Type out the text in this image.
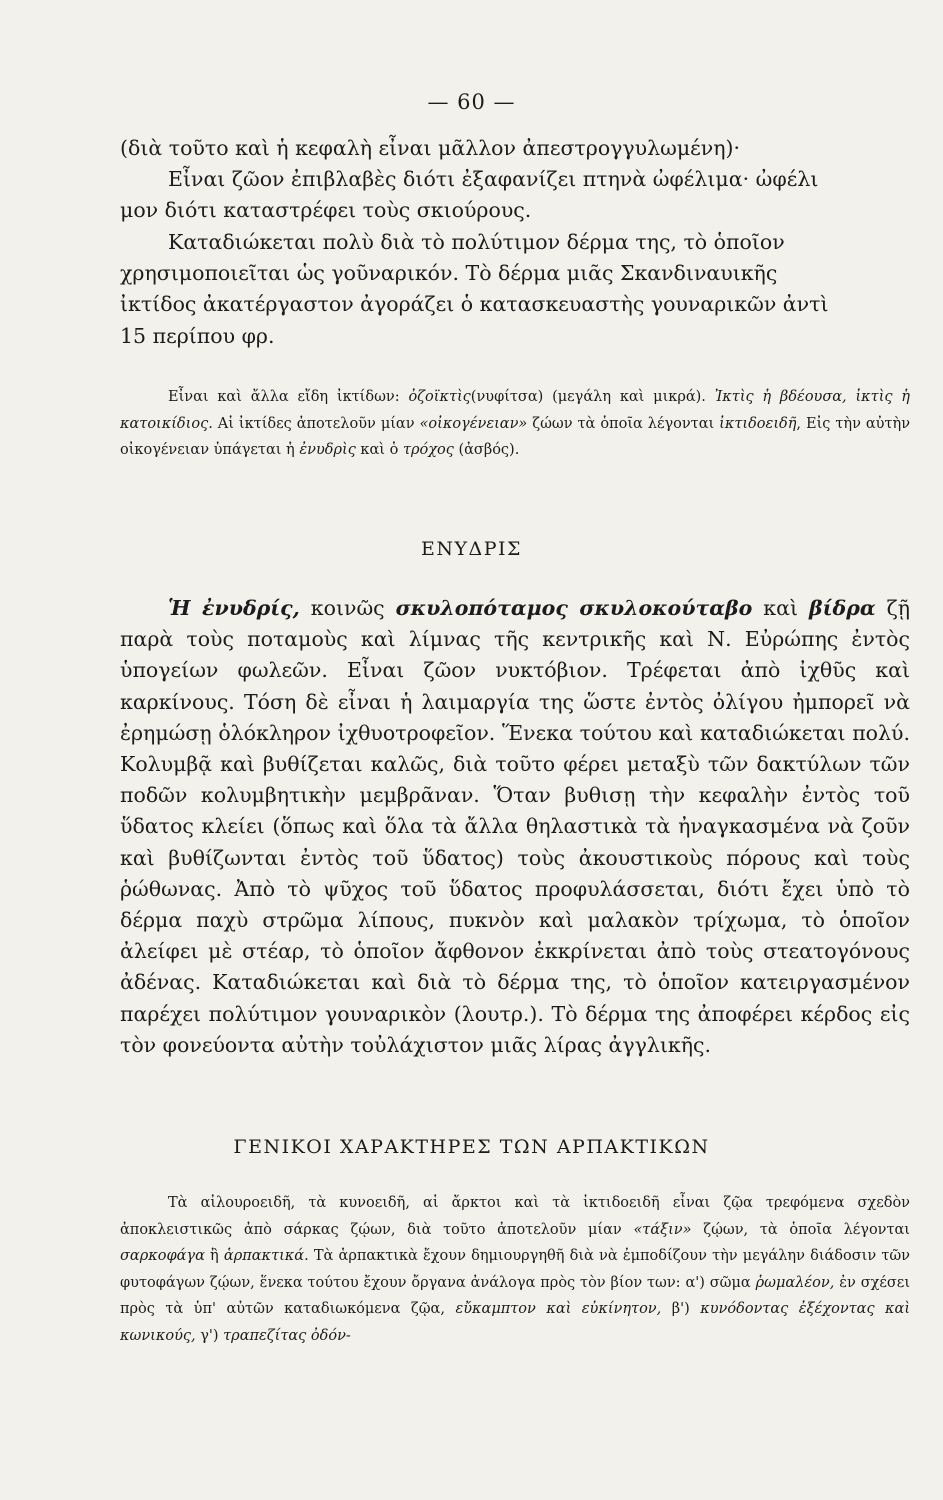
— 60 —

(διὰ τοῦτο καὶ ἡ κεφαλὴ εἶναι μᾶλλον ἀπεστρογγυλωμένη)·

Εἶναι ζῶον ἐπιβλαβὲς διότι ἐξαφανίζει πτηνὰ ὠφέλιμα· ὠφέλι

μον διότι καταστρέφει τοὺς σκιούρους.

Καταδιώκεται πολὺ διὰ τὸ πολύτιμον δέρμα της, τὸ ὁποῖον

χρησιμοποιεῖται ὡς γοῦναρικόν. Τὸ δέρμα μιᾶς Σκανδιναυικῆς

ἰκτίδος ἀκατέργαστον ἀγοράζει ὁ κατασκευαστὴς γουναρικῶν ἀντὶ

15 περίπου φρ.

Εἶναι καὶ ἄλλα εἴδη ἰκτίδων: ὀζοϊκτὶς(νυφίτσα) (μεγάλη καὶ μικρά). Ἰκτὶς ἡ βδέουσα, ἰκτὶς ἡ κατοικίδιος. Αἱ ἰκτίδες ἀποτελοῦν μίαν «οἰκογένειαν» ζώων τὰ ὁποῖα λέγονται ἰκτιδοειδῆ, Εἰς τὴν αὐτὴν οἰκογένειαν ὑπάγεται ἡ ἐνυδρὶς καὶ ὁ τρόχος (ἀσβός).

ΕΝΥΔΡΙΣ

Ἡ ἐνυδρίς, κοινῶς σκυλοπόταμος σκυλοκούταβο καὶ βίδρα ζῇ παρὰ τοὺς ποταμοὺς καὶ λίμνας τῆς κεντρικῆς καὶ Ν. Εὐρώπης ἐντὸς ὑπογείων φωλεῶν. Εἶναι ζῶον νυκτόβιον. Τρέφεται ἀπὸ ἰχθῦς καὶ καρκίνους. Τόση δὲ εἶναι ἡ λαιμαργία της ὥστε ἐντὸς ὀλίγου ἠμπορεῖ νὰ ἐρημώσῃ ὁλόκληρον ἰχθυοτροφεῖον. Ἕνεκα τούτου καὶ καταδιώκεται πολύ. Κολυμβᾷ καὶ βυθίζεται καλῶς, διὰ τοῦτο φέρει μεταξὺ τῶν δακτύλων τῶν ποδῶν κολυμβητικὴν μεμβρᾶναν. Ὅταν βυθισῃ τὴν κεφαλὴν ἐντὸς τοῦ ὕδατος κλείει (ὅπως καὶ ὅλα τὰ ἄλλα θηλαστικὰ τὰ ἠναγκασμένα νὰ ζοῦν καὶ βυθίζωνται ἐντὸς τοῦ ὕδατος) τοὺς ἀκουστικοὺς πόρους καὶ τοὺς ῥώθωνας. Ἀπὸ τὸ ψῦχος τοῦ ὕδατος προφυλάσσεται, διότι ἔχει ὑπὸ τὸ δέρμα παχὺ στρῶμα λίπους, πυκνὸν καὶ μαλακὸν τρίχωμα, τὸ ὁποῖον ἀλείφει μὲ στέαρ, τὸ ὁποῖον ἄφθονον ἐκκρίνεται ἀπὸ τοὺς στεατογόνους ἀδένας. Καταδιώκεται καὶ διὰ τὸ δέρμα της, τὸ ὁποῖον κατειργασμένον παρέχει πολύτιμον γουναρικὸν (λουτρ.). Τὸ δέρμα της ἀποφέρει κέρδος εἰς τὸν φονεύοντα αὐτὴν τοὐλάχιστον μιᾶς λίρας ἀγγλικῆς.

ΓΕΝΙΚΟΙ ΧΑΡΑΚΤΗΡΕΣ ΤΩΝ ΑΡΠΑΚΤΙΚΩΝ

Τὰ αἰλουροειδῆ, τὰ κυνοειδῆ, αἱ ἄρκτοι καὶ τὰ ἰκτιδοειδῆ εἶναι ζῷα τρεφόμενα σχεδὸν ἀποκλειστικῶς ἀπὸ σάρκας ζῴων, διὰ τοῦτο ἀποτελοῦν μίαν «τάξιν» ζῴων, τὰ ὁποῖα λέγονται σαρκοφάγα ἢ ἁρπακτικά. Τὰ ἁρπακτικὰ ἔχουν δημιουργηθῆ διὰ νὰ ἐμποδίζουν τὴν μεγάλην διάδοσιν τῶν φυτοφάγων ζῴων, ἕνεκα τούτου ἔχουν ὄργανα ἀνάλογα πρὸς τὸν βίον των: α') σῶμα ῥωμαλέον, ἐν σχέσει πρὸς τὰ ὑπ' αὐτῶν καταδιωκόμενα ζῷα, εὔκαμπτον καὶ εὐκίνητον, β') κυνόδοντας ἐξέχοντας καὶ κωνικούς, γ') τραπεζίτας ὀδόν-
